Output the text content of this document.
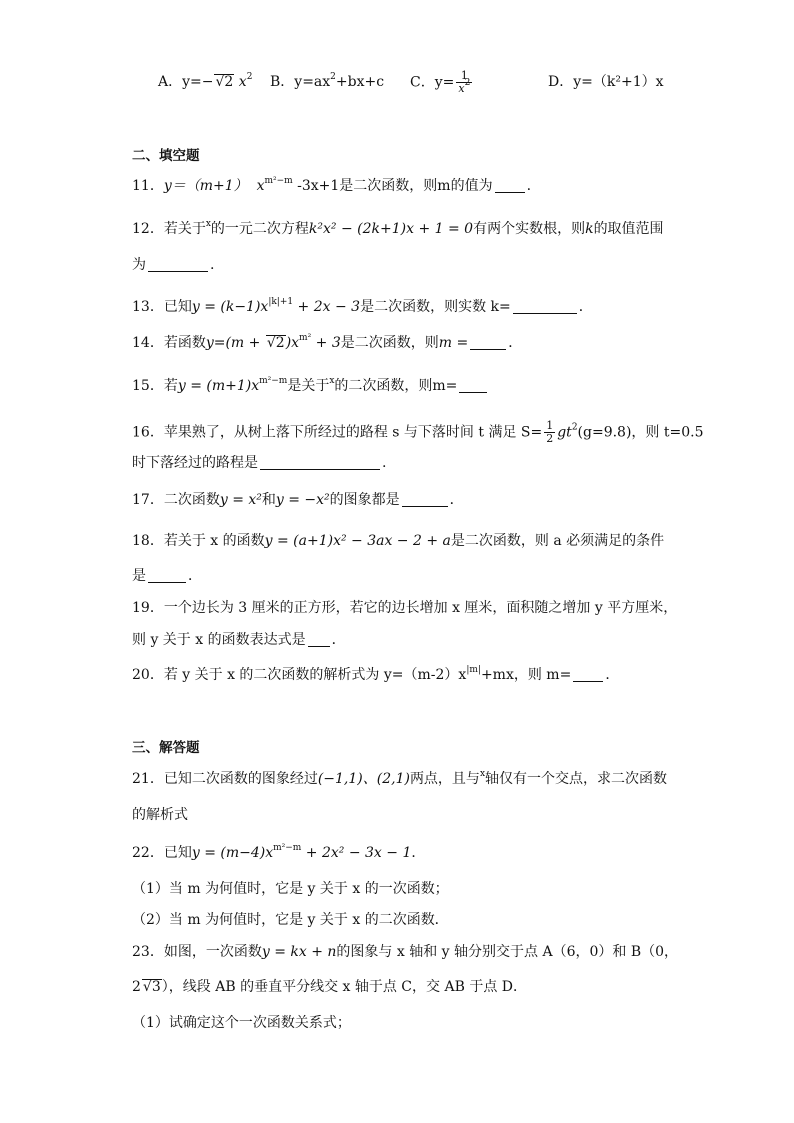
A．y=− √2 $x^2$ B．$y=ax^2+bx+c$ C．$y= \frac{1}{x^2}$	D．y=（k²+1）x
二、填空题
11．y＝（m+1） $x^{m^2-m}$ -3x+1是二次函数，则m的值为 .
12．若关于$^x$的一元二次方程k²x² − (2k+1)x + 1 = 0有两个实数根，则k的取值范围
为	.
13．已知$y = (k-1)x^{|k|+1} + 2x - 3$是二次函数，则实数 k=	．
14．若函数$y=(m + √2)x^{m^2} + 3$是二次函数，则m =	．
15．若$y = (m+1)x^{m^2-m}$是关于$^x$的二次函数，则m=
16．苹果熟了，从树上落下所经过的路程 s 与下落时间 t 满足 $S= \frac{1}{2} gt^2(g=9.8)$，则 t=0.5
时下落经过的路程是	.
17．二次函数y = x²和y = −x²的图象都是	．
18．若关于 x 的函数y = (a+1)x² − 3ax − 2 + a是二次函数，则 a 必须满足的条件
是	．
19．一个边长为 3 厘米的正方形，若它的边长增加 x 厘米，面积随之增加 y 平方厘米，
则 y 关于 x 的函数表达式是 ．
20．若 y 关于 x 的二次函数的解析式为 $y=(m-2)x^{|m|}+mx$，则 m= ．
三、解答题
21．已知二次函数的图象经过(−1,1)、(2,1)两点，且与$^x$轴仅有一个交点，求二次函数
的解析式
22．已知$y = (m-4)x^{m^2-m} + 2x^2 - 3x - 1$．
（1）当 m 为何值时，它是 y 关于 x 的一次函数；
（2）当 m 为何值时，它是 y 关于 x 的二次函数．
23．如图，一次函数y = kx + n的图象与 x 轴和 y 轴分别交于点 A（6，0）和 B（0，
2 √3），线段 AB 的垂直平分线交 x 轴于点 C，交 AB 于点 D．
（1）试确定这个一次函数关系式；
